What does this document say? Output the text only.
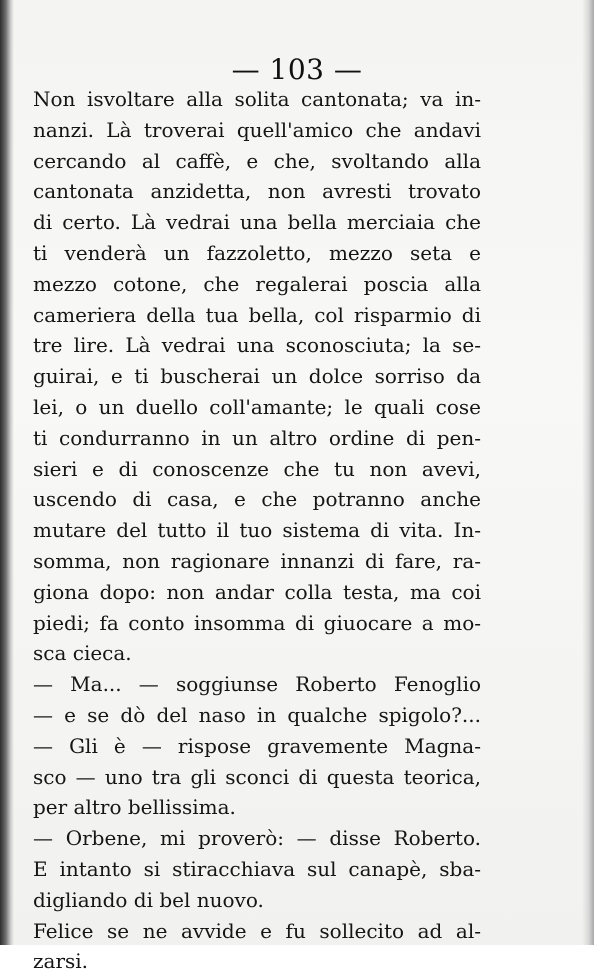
— 103 —
Non isvoltare alla solita cantonata; va in-
nanzi. Là troverai quell'amico che andavi
cercando al caffè, e che, svoltando alla
cantonata anzidetta, non avresti trovato
di certo. Là vedrai una bella merciaia che
ti venderà un fazzoletto, mezzo seta e
mezzo cotone, che regalerai poscia alla
cameriera della tua bella, col risparmio di
tre lire. Là vedrai una sconosciuta; la se-
guirai, e ti buscherai un dolce sorriso da
lei, o un duello coll'amante; le quali cose
ti condurranno in un altro ordine di pen-
sieri e di conoscenze che tu non avevi,
uscendo di casa, e che potranno anche
mutare del tutto il tuo sistema di vita. In-
somma, non ragionare innanzi di fare, ra-
giona dopo: non andar colla testa, ma coi
piedi; fa conto insomma di giuocare a mo-
sca cieca.
— Ma... — soggiunse Roberto Fenoglio
— e se dò del naso in qualche spigolo?...
— Gli è — rispose gravemente Magna-
sco — uno tra gli sconci di questa teorica,
per altro bellissima.
— Orbene, mi proverò: — disse Roberto.
E intanto si stiracchiava sul canapè, sba-
digliando di bel nuovo.
Felice se ne avvide e fu sollecito ad al-
zarsi.
